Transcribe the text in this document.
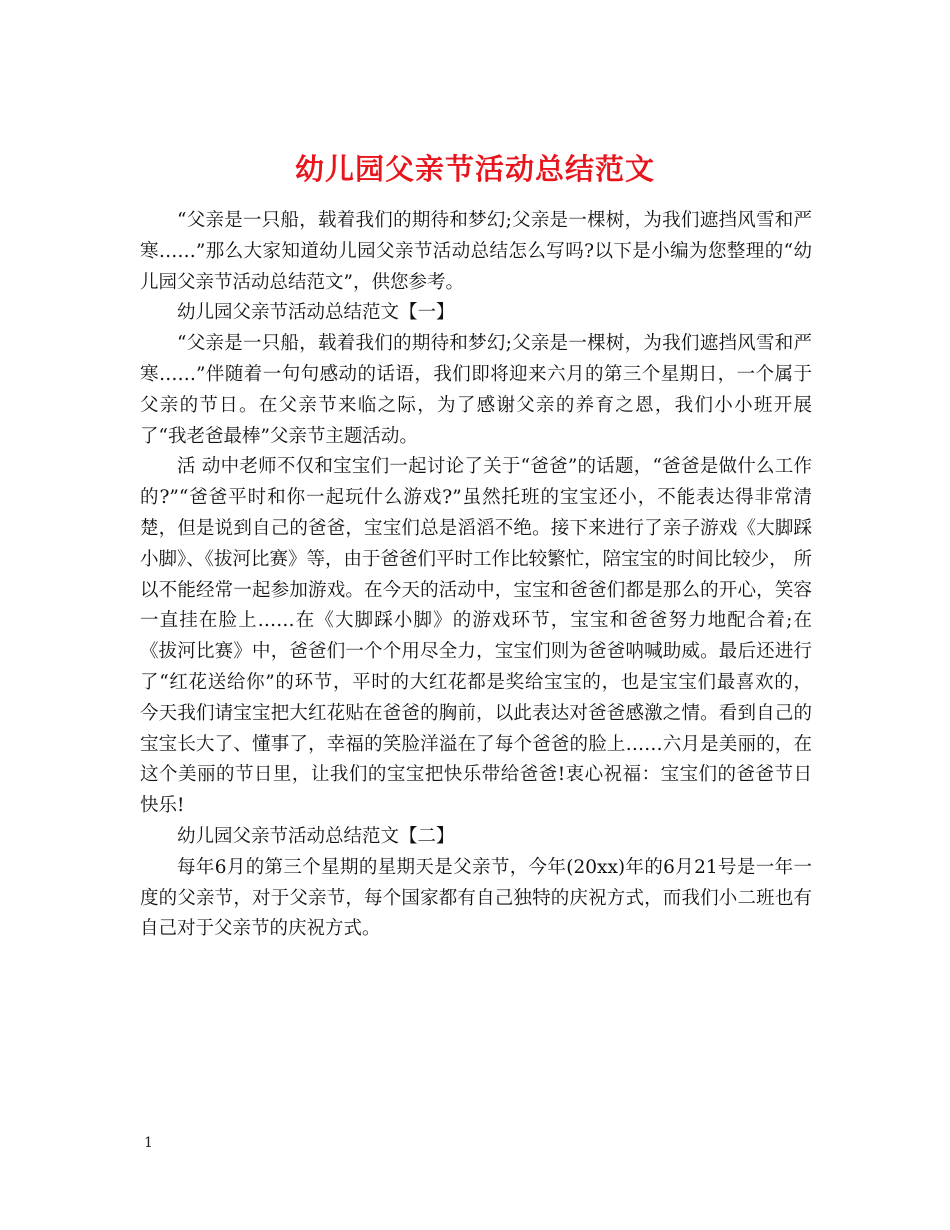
幼儿园父亲节活动总结范文

“父亲是一只船，载着我们的期待和梦幻;父亲是一棵树，为我们遮挡风雪和严寒……”那么大家知道幼儿园父亲节活动总结怎么写吗?以下是小编为您整理的“幼儿园父亲节活动总结范文”，供您参考。

幼儿园父亲节活动总结范文【一】

“父亲是一只船，载着我们的期待和梦幻;父亲是一棵树，为我们遮挡风雪和严寒……”伴随着一句句感动的话语，我们即将迎来六月的第三个星期日，一个属于父亲的节日。在父亲节来临之际，为了感谢父亲的养育之恩，我们小小班开展了“我老爸最棒”父亲节主题活动。

活 动中老师不仅和宝宝们一起讨论了关于“爸爸”的话题，“爸爸是做什么工作的?”“爸爸平时和你一起玩什么游戏?”虽然托班的宝宝还小，不能表达得非常清 楚，但是说到自己的爸爸，宝宝们总是滔滔不绝。接下来进行了亲子游戏《大脚踩小脚》、《拔河比赛》等，由于爸爸们平时工作比较繁忙，陪宝宝的时间比较少， 所以不能经常一起参加游戏。在今天的活动中，宝宝和爸爸们都是那么的开心，笑容一直挂在脸上……在《大脚踩小脚》的游戏环节，宝宝和爸爸努力地配合着;在 《拔河比赛》中，爸爸们一个个用尽全力，宝宝们则为爸爸呐喊助威。最后还进行了“红花送给你”的环节，平时的大红花都是奖给宝宝的，也是宝宝们最喜欢的， 今天我们请宝宝把大红花贴在爸爸的胸前，以此表达对爸爸感激之情。看到自己的宝宝长大了、懂事了，幸福的笑脸洋溢在了每个爸爸的脸上……六月是美丽的，在 这个美丽的节日里，让我们的宝宝把快乐带给爸爸!衷心祝福：宝宝们的爸爸节日快乐!

幼儿园父亲节活动总结范文【二】

每年6月的第三个星期的星期天是父亲节，今年(20xx)年的6月21号是一年一度的父亲节，对于父亲节，每个国家都有自己独特的庆祝方式，而我们小二班也有自己对于父亲节的庆祝方式。

1
